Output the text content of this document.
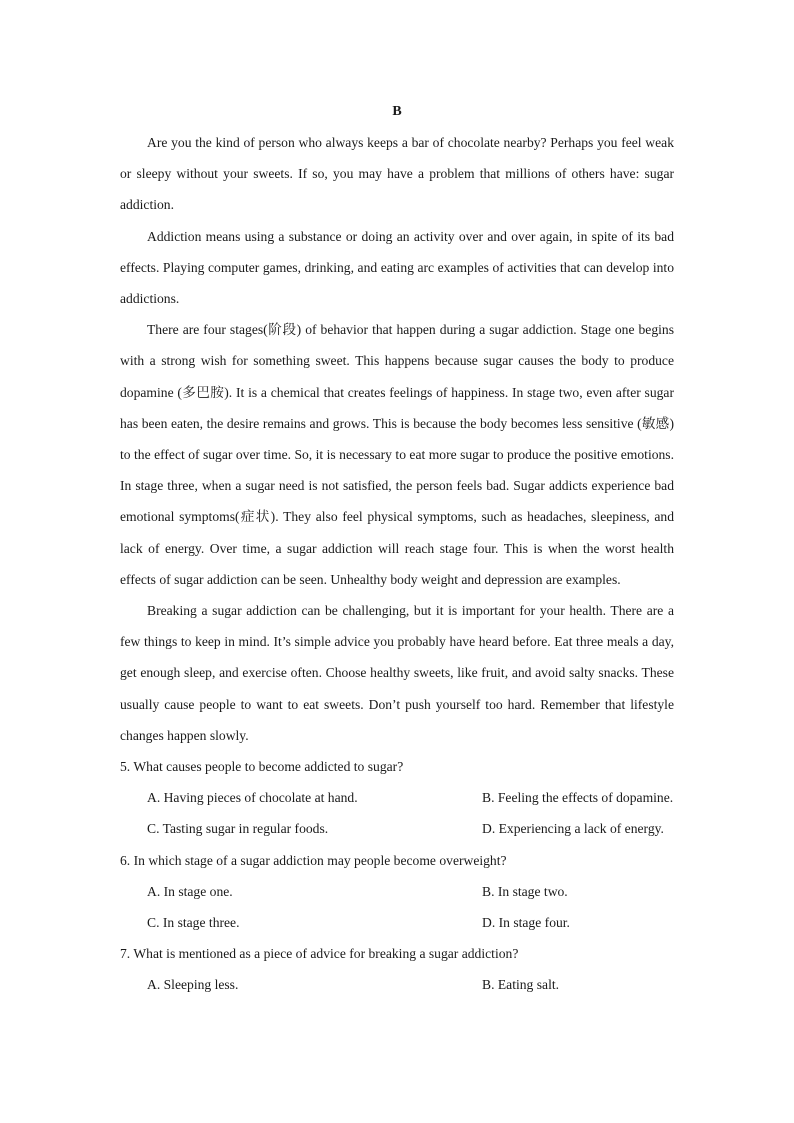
B

Are you the kind of person who always keeps a bar of chocolate nearby? Perhaps you feel weak or sleepy without your sweets. If so, you may have a problem that millions of others have: sugar addiction.

Addiction means using a substance or doing an activity over and over again, in spite of its bad effects. Playing computer games, drinking, and eating arc examples of activities that can develop into addictions.

There are four stages(阶段) of behavior that happen during a sugar addiction. Stage one begins with a strong wish for something sweet. This happens because sugar causes the body to produce dopamine (多巴胺). It is a chemical that creates feelings of happiness. In stage two, even after sugar has been eaten, the desire remains and grows. This is because the body becomes less sensitive (敏感) to the effect of sugar over time. So, it is necessary to eat more sugar to produce the positive emotions. In stage three, when a sugar need is not satisfied, the person feels bad. Sugar addicts experience bad emotional symptoms(症状). They also feel physical symptoms, such as headaches, sleepiness, and lack of energy. Over time, a sugar addiction will reach stage four. This is when the worst health effects of sugar addiction can be seen. Unhealthy body weight and depression are examples.

Breaking a sugar addiction can be challenging, but it is important for your health. There are a few things to keep in mind. It’s simple advice you probably have heard before. Eat three meals a day, get enough sleep, and exercise often. Choose healthy sweets, like fruit, and avoid salty snacks. These usually cause people to want to eat sweets. Don’t push yourself too hard. Remember that lifestyle changes happen slowly.

5. What causes people to become addicted to sugar?

A. Having pieces of chocolate at hand.	B. Feeling the effects of dopamine.
C. Tasting sugar in regular foods.	D. Experiencing a lack of energy.

6. In which stage of a sugar addiction may people become overweight?

A. In stage one.	B. In stage two.
C. In stage three.	D. In stage four.

7. What is mentioned as a piece of advice for breaking a sugar addiction?

A. Sleeping less.	B. Eating salt.
